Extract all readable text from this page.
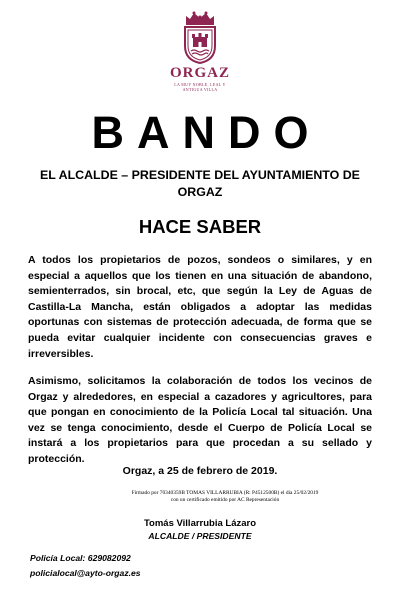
ORGAZ
LA MUY NOBLE, LEAL Y ANTIGUA VILLA
BANDO
EL ALCALDE – PRESIDENTE DEL AYUNTAMIENTO DE ORGAZ
HACE SABER
A todos los propietarios de pozos, sondeos o similares, y en especial a aquellos que los tienen en una situación de abandono, semienterrados, sin brocal, etc, que según la Ley de Aguas de Castilla-La Mancha, están obligados a adoptar las medidas oportunas con sistemas de protección adecuada, de forma que se pueda evitar cualquier incidente con consecuencias graves e irreversibles.
Asimismo, solicitamos la colaboración de todos los vecinos de Orgaz y alrededores, en especial a cazadores y agricultores, para que pongan en conocimiento de la Policía Local tal situación. Una vez se tenga conocimiento, desde el Cuerpo de Policía Local se instará a los propietarios para que procedan a su sellado y protección.
Orgaz, a 25 de febrero de 2019.
Firmado por 70340359B TOMAS VILLARRUBIA (R: P4512500B) el día 25/02/2019 con un certificado emitido por AC Representación
Tomás Villarrubia Lázaro
ALCALDE / PRESIDENTE
Policía Local: 629082092
policialocal@ayto-orgaz.es
